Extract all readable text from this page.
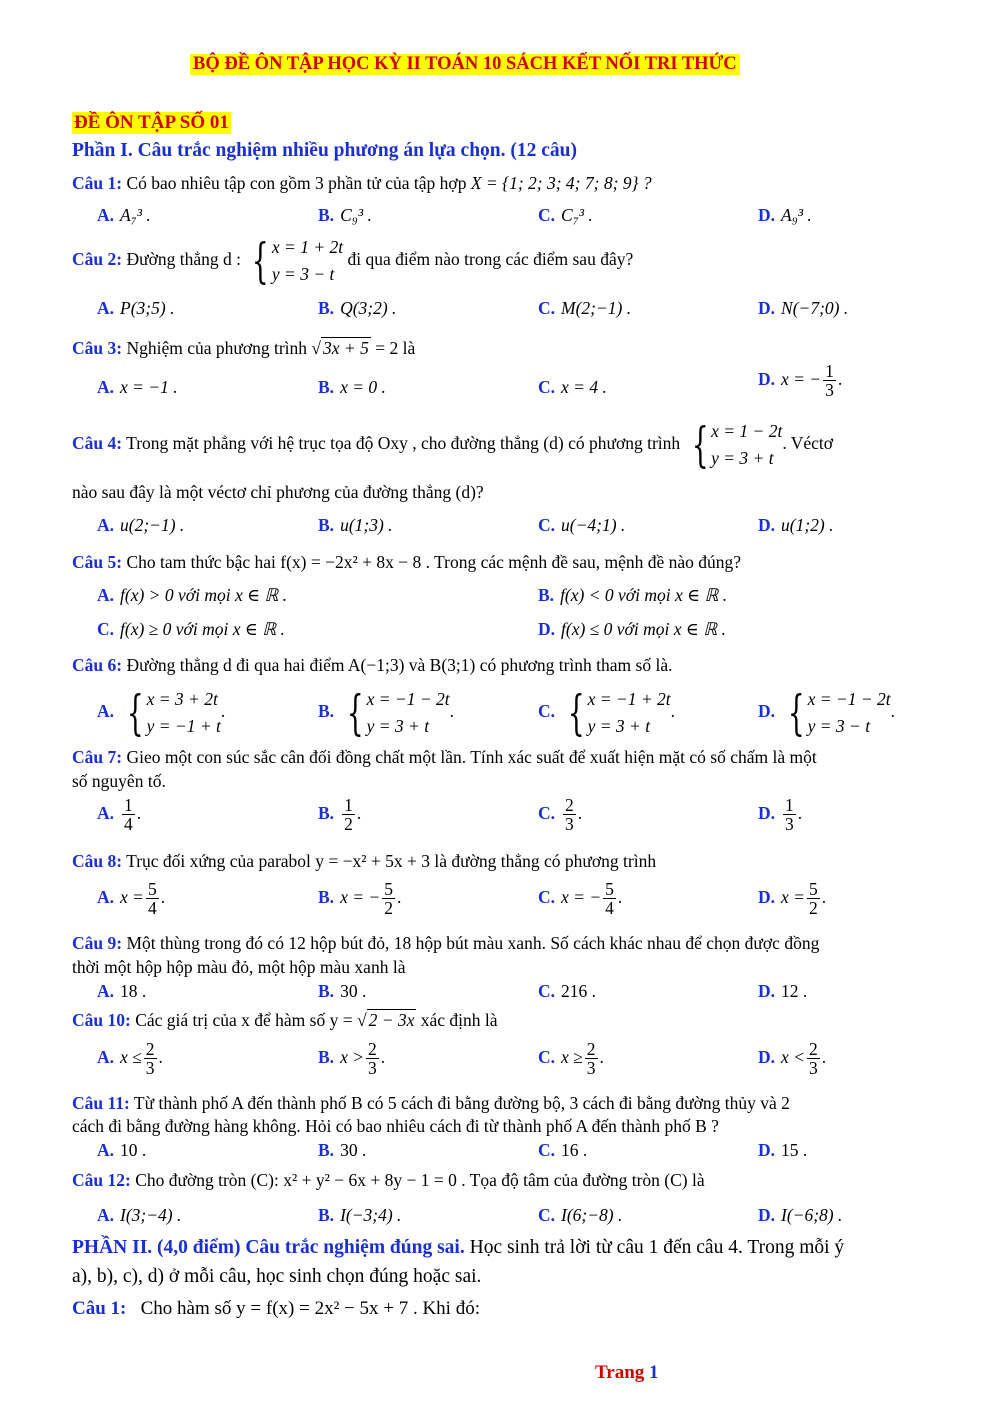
BỘ ĐỀ ÔN TẬP HỌC KỲ II TOÁN 10 SÁCH KẾT NỐI TRI THỨC
ĐỀ ÔN TẬP SỐ 01
Phần I. Câu trắc nghiệm nhiều phương án lựa chọn. (12 câu)
Câu 1: Có bao nhiêu tập con gồm 3 phần tử của tập hợp X = {1; 2; 3; 4; 7; 8; 9} ?
A. A₇³ .	B. C₉³ .	C. C₇³ .	D. A₉³ .
Câu 2: Đường thẳng d : { x = 1 + 2t
y = 3 − t
đi qua điểm nào trong các điểm sau đây?
A. P(3;5) .	B. Q(3;2) .	C. M(2;−1) .	D. N(−7;0) .
Câu 3: Nghiệm của phương trình √ 3x + 5 = 2 là
A. x = −1 .	B. x = 0 .	C. x = 4 .	D. x = − $\frac{1}{3}$ .
Câu 4: Trong mặt phẳng với hệ trục tọa độ Oxy , cho đường thẳng (d) có phương trình { x = 1 − 2t
y = 3 + t
. Véctơ
nào sau đây là một véctơ chỉ phương của đường thẳng (d)?
A. u(2;−1) .	B. u(1;3) .	C. u(−4;1) .	D. u(1;2) .
Câu 5: Cho tam thức bậc hai f(x) = −2x² + 8x − 8 . Trong các mệnh đề sau, mệnh đề nào đúng?
A. f(x) > 0 với mọi x ∈ ℝ .	B. f(x) < 0 với mọi x ∈ ℝ .
C. f(x) ≥ 0 với mọi x ∈ ℝ .	D. f(x) ≤ 0 với mọi x ∈ ℝ .
Câu 6: Đường thẳng d đi qua hai điểm A(−1;3) và B(3;1) có phương trình tham số là.
A. { x = 3 + 2t
y = −1 + t
.	B. { x = −1 − 2t
y = 3 + t
.	C. { x = −1 + 2t
y = 3 + t
.	D. { x = −1 − 2t
y = 3 − t
.
Câu 7: Gieo một con súc sắc cân đối đồng chất một lần. Tính xác suất để xuất hiện mặt có số chấm là một
số nguyên tố.
A. $\frac{1}{4}$ .	B. $\frac{1}{2}$ .	C. $\frac{2}{3}$ .	D. $\frac{1}{3}$ .
Câu 8: Trục đối xứng của parabol y = −x² + 5x + 3 là đường thẳng có phương trình
A. $x = \frac{5}{4}$ .	B. x = − $\frac{5}{2}$ .	C. x = − $\frac{5}{4}$ .	D. $x = \frac{5}{2}$ .
Câu 9: Một thùng trong đó có 12 hộp bút đỏ, 18 hộp bút màu xanh. Số cách khác nhau để chọn được đồng
thời một hộp hộp màu đỏ, một hộp màu xanh là
A. 18 .	B. 30 .	C. 216 .	D. 12 .
Câu 10: Các giá trị của x để hàm số y = √ 2 − 3x xác định là
A. $x \le \frac{2}{3}$ .	B. $x > \frac{2}{3}$ .	C. $x \ge \frac{2}{3}$ .	D. $x < \frac{2}{3}$ .
Câu 11: Từ thành phố A đến thành phố B có 5 cách đi bằng đường bộ, 3 cách đi bằng đường thủy và 2
cách đi bằng đường hàng không. Hỏi có bao nhiêu cách đi từ thành phố A đến thành phố B ?
A. 10 .	B. 30 .	C. 16 .	D. 15 .
Câu 12: Cho đường tròn (C): x² + y² − 6x + 8y − 1 = 0 . Tọa độ tâm của đường tròn (C) là
A. I(3;−4) .	B. I(−3;4) .	C. I(6;−8) .	D. I(−6;8) .
PHẦN II. (4,0 điểm) Câu trắc nghiệm đúng sai. Học sinh trả lời từ câu 1 đến câu 4. Trong mỗi ý
a), b), c), d) ở mỗi câu, học sinh chọn đúng hoặc sai.
Câu 1: Cho hàm số y = f(x) = 2x² − 5x + 7 . Khi đó:
Trang 1
